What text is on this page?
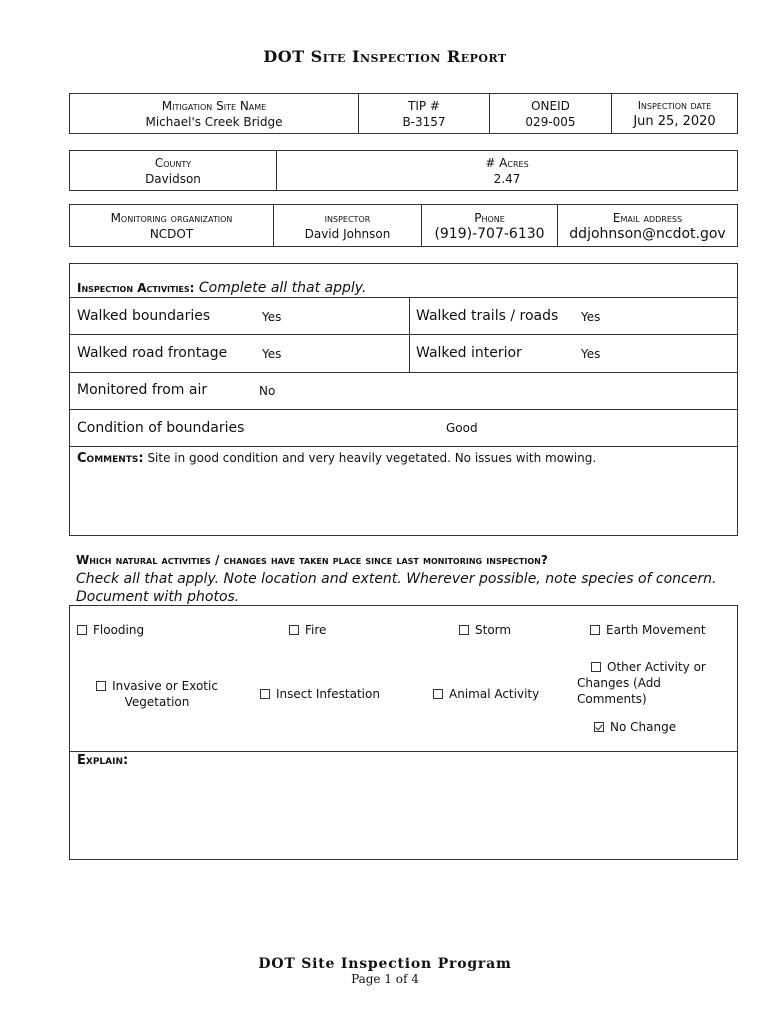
DOT Site Inspection Report
Mitigation Site Name
Michael's Creek Bridge

TIP #
B-3157

ONEID
029-005

Inspection date
Jun 25, 2020
County
Davidson

# Acres
2.47
Monitoring organization
NCDOT

inspector
David Johnson

Phone
(919)-707-6130

Email address
ddjohnson@ncdot.gov
Inspection Activities: Complete all that apply.
Walked boundaries	Yes	Walked trails / roads Yes
Walked road frontage	Yes	Walked interior	Yes
Monitored from air	No
Condition of boundaries	Good
Comments: Site in good condition and very heavily vegetated. No issues with mowing.
Which natural activities / changes have taken place since last monitoring inspection?
Check all that apply. Note location and extent. Wherever possible, note species of concern.
Document with photos.
Flooding	Fire	Storm	Earth Movement
Invasive or Exotic
Vegetation
Insect Infestation	Animal Activity
Other Activity or
Changes (Add
Comments)
No Change
Explain:
DOT Site Inspection Program
Page 1 of 4
